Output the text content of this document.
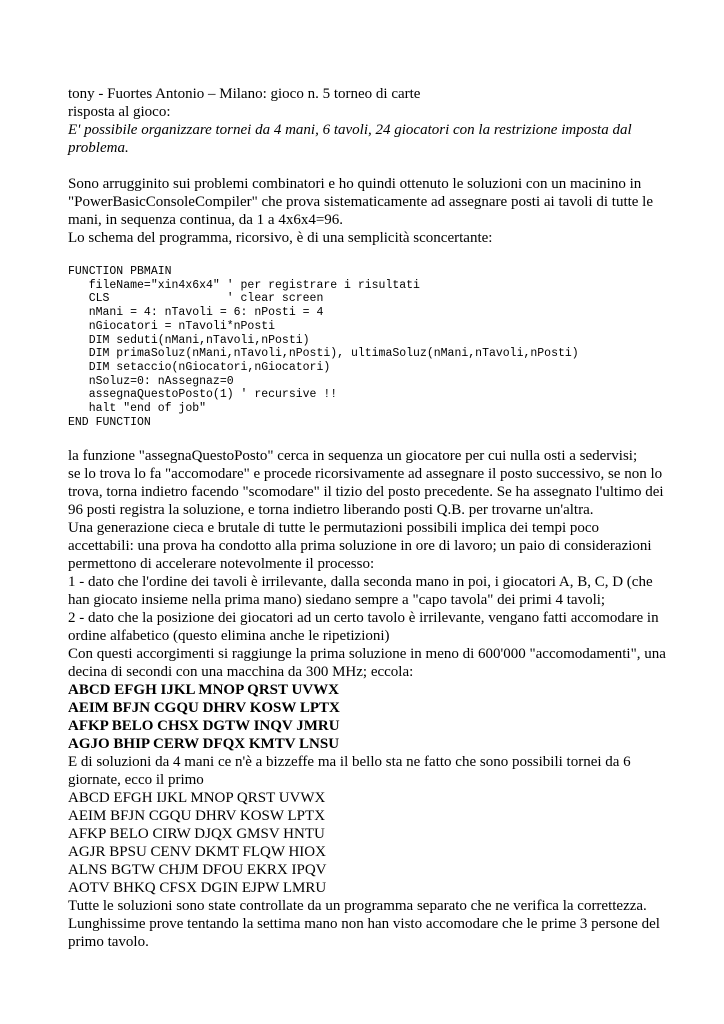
tony - Fuortes Antonio – Milano: gioco n. 5 torneo di carte

risposta al gioco:

E' possibile organizzare tornei da 4 mani, 6 tavoli, 24 giocatori con la restrizione imposta dal problema.

Sono arrugginito sui problemi combinatori e ho quindi ottenuto le soluzioni con un macinino in "PowerBasicConsoleCompiler" che prova sistematicamente ad assegnare posti ai tavoli di tutte le mani, in sequenza continua, da 1 a 4x6x4=96.

Lo schema del programma, ricorsivo, è di una semplicità sconcertante:

FUNCTION PBMAIN
fileName="xin4x6x4" ' per registrare i risultati
CLS                 ' clear screen
nMani = 4: nTavoli = 6: nPosti = 4
nGiocatori = nTavoli*nPosti
DIM seduti(nMani,nTavoli,nPosti)
DIM primaSoluz(nMani,nTavoli,nPosti), ultimaSoluz(nMani,nTavoli,nPosti)
DIM setaccio(nGiocatori,nGiocatori)
nSoluz=0: nAssegnaz=0
assegnaQuestoPosto(1) ' recursive !!
halt "end of job"
END FUNCTION

la funzione "assegnaQuestoPosto" cerca in sequenza un giocatore per cui nulla osti a sedervisi;

se lo trova lo fa "accomodare" e procede ricorsivamente ad assegnare il posto successivo, se non lo trova, torna indietro facendo "scomodare" il tizio del posto precedente. Se ha assegnato l'ultimo dei 96 posti registra la soluzione, e torna indietro liberando posti Q.B. per trovarne un'altra.

Una generazione cieca e brutale di tutte le permutazioni possibili implica dei tempi poco accettabili: una prova ha condotto alla prima soluzione in ore di lavoro; un paio di considerazioni permettono di accelerare notevolmente il processo:

1 - dato che l'ordine dei tavoli è irrilevante, dalla seconda mano in poi, i giocatori A, B, C, D (che han giocato insieme nella prima mano) siedano sempre a "capo tavola" dei primi 4 tavoli;

2 - dato che la posizione dei giocatori ad un certo tavolo è irrilevante, vengano fatti accomodare in ordine alfabetico (questo elimina anche le ripetizioni)

Con questi accorgimenti si raggiunge la prima soluzione in meno di 600'000 "accomodamenti", una decina di secondi con una macchina da 300 MHz; eccola:

ABCD EFGH IJKL MNOP QRST UVWX

AEIM BFJN CGQU DHRV KOSW LPTX

AFKP BELO CHSX DGTW INQV JMRU

AGJO BHIP CERW DFQX KMTV LNSU

E di soluzioni da 4 mani ce n'è a bizzeffe ma il bello sta ne fatto che sono possibili tornei da 6 giornate, ecco il primo

ABCD EFGH IJKL MNOP QRST UVWX

AEIM BFJN CGQU DHRV KOSW LPTX

AFKP BELO CIRW DJQX GMSV HNTU

AGJR BPSU CENV DKMT FLQW HIOX

ALNS BGTW CHJM DFOU EKRX IPQV

AOTV BHKQ CFSX DGIN EJPW LMRU

Tutte le soluzioni sono state controllate da un programma separato che ne verifica la correttezza.

Lunghissime prove tentando la settima mano non han visto accomodare che le prime 3 persone del primo tavolo.
